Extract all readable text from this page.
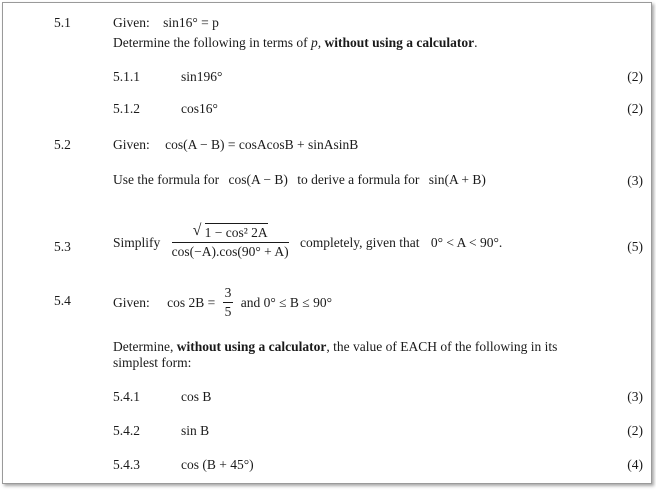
5.1	Given: sin16° = p
Determine the following in terms of p, without using a calculator.
5.1.1	sin196°	(2)
5.1.2	cos16°	(2)
5.2	Given: cos(A − B) = cosAcosB + sinAsinB
Use the formula for cos(A − B) to derive a formula for sin(A + B)	(3)
5.3	Simplify $\frac{\text{√ 1 − cos² 2A}}{\cos(-A).\cos(90^\circ + A)}$ completely, given that 0° < A < 90°.	(5)
5.4	Given: $\cos 2B = \frac{3}{5}$ and 0° ≤ B ≤ 90°
Determine, without using a calculator, the value of EACH of the following in its
simplest form:
5.4.1	cos B	(3)
5.4.2	sin B	(2)
5.4.3	cos (B + 45°)	(4)
